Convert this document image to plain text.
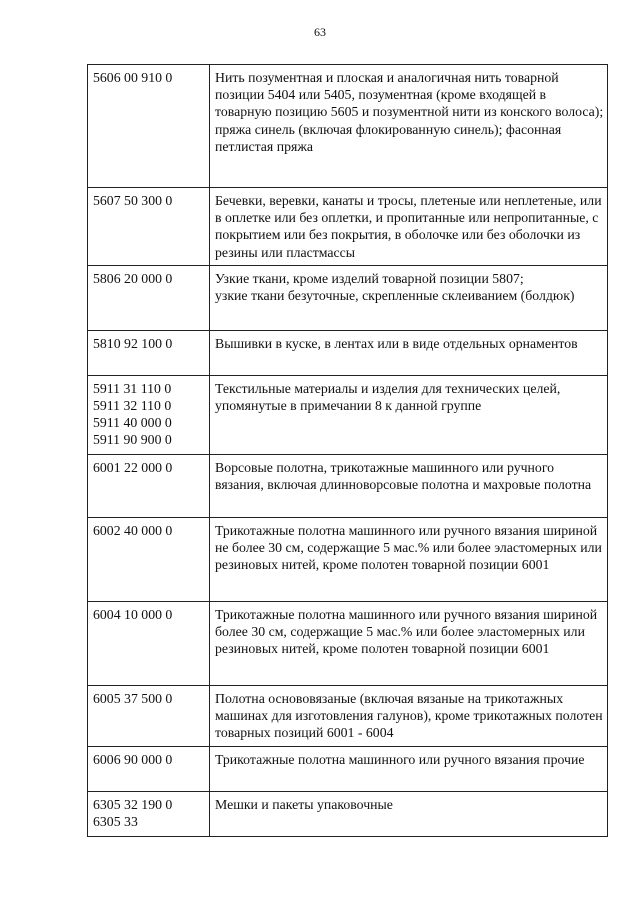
63
5606 00 910 0	Нить позументная и плоская и аналогичная нить товарной позиции 5404 или 5405, позументная (кроме входящей в товарную позицию 5605 и позументной нити из конского волоса);
пряжа синель (включая флокированную синель); фасонная петлистая пряжа

5607 50 300 0	Бечевки, веревки, канаты и тросы, плетеные или неплетеные, или в оплетке или без оплетки, и пропитанные или непропитанные, с покрытием или без покрытия, в оболочке или без оболочки из резины или пластмассы

5806 20 000 0	Узкие ткани, кроме изделий товарной позиции 5807;
узкие ткани безуточные, скрепленные склеиванием (болдюк)

5810 92 100 0	Вышивки в куске, в лентах или в виде отдельных орнаментов

5911 31 110 0
5911 32 110 0
5911 40 000 0
5911 90 900 0	Текстильные материалы и изделия для технических целей, упомянутые в примечании 8 к данной группе

6001 22 000 0	Ворсовые полотна, трикотажные машинного или ручного вязания, включая длинноворсовые полотна и махровые полотна

6002 40 000 0	Трикотажные полотна машинного или ручного вязания шириной не более 30 см, содержащие 5 мас.% или более эластомерных или резиновых нитей, кроме полотен товарной позиции 6001

6004 10 000 0	Трикотажные полотна машинного или ручного вязания шириной более 30 см, содержащие 5 мас.% или более эластомерных или резиновых нитей, кроме полотен товарной позиции 6001

6005 37 500 0	Полотна основовязаные (включая вязаные на трикотажных машинах для изготовления галунов), кроме трикотажных полотен товарных позиций 6001 - 6004

6006 90 000 0	Трикотажные полотна машинного или ручного вязания прочие

6305 32 190 0
6305 33	Мешки и пакеты упаковочные
